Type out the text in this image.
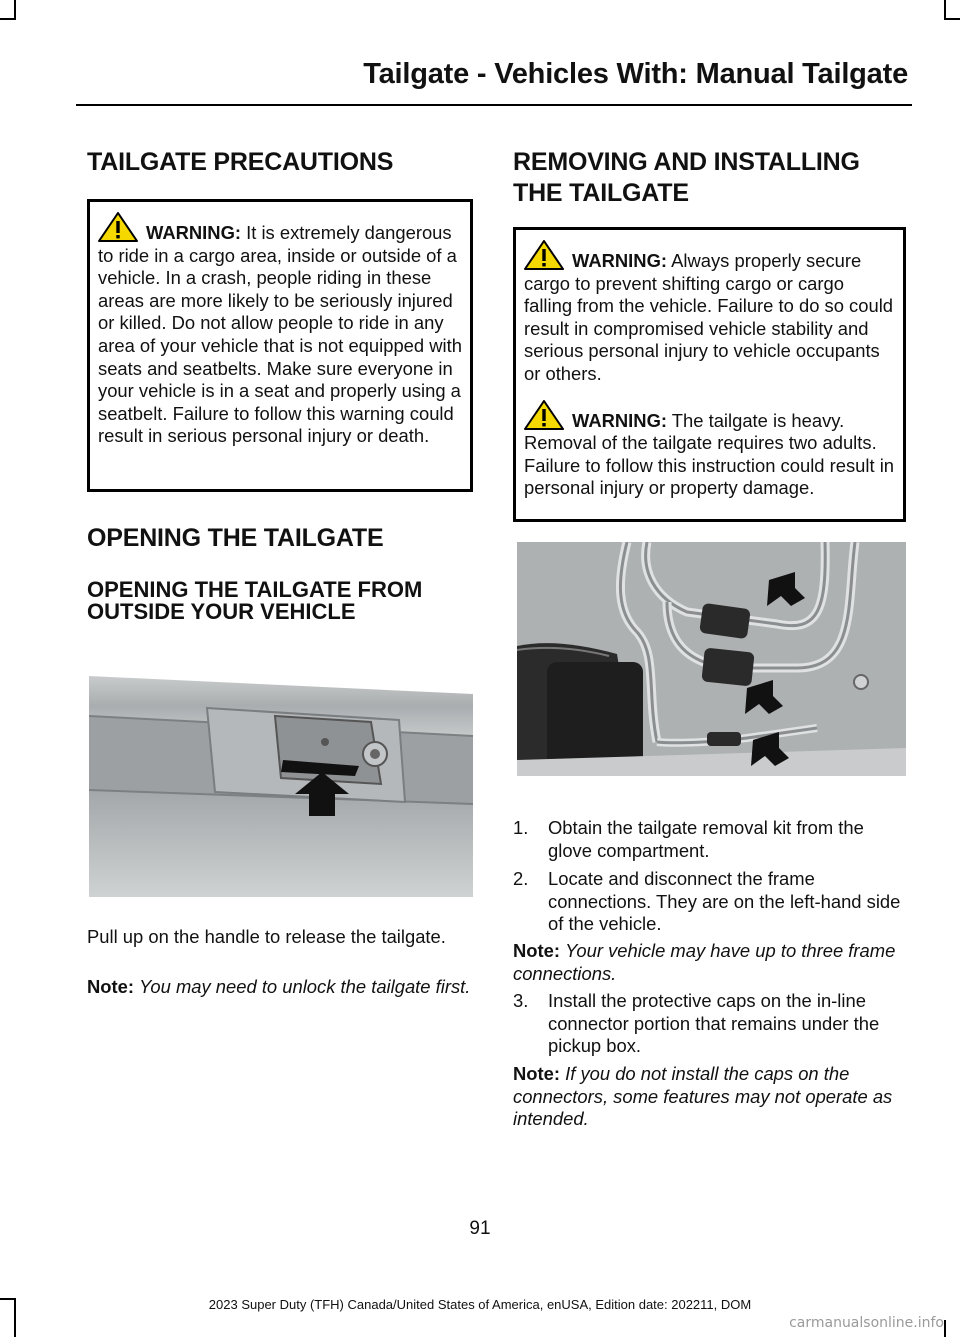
Tailgate - Vehicles With: Manual Tailgate
TAILGATE PRECAUTIONS

WARNING: It is extremely dangerous to ride in a cargo area, inside or outside of a vehicle. In a crash, people riding in these areas are more likely to be seriously injured or killed. Do not allow people to ride in any area of your vehicle that is not equipped with seats and seatbelts. Make sure everyone in your vehicle is in a seat and properly using a seatbelt. Failure to follow this warning could result in serious personal injury or death.

OPENING THE TAILGATE
OPENING THE TAILGATE FROM OUTSIDE YOUR VEHICLE

Pull up on the handle to release the tailgate.

Note: You may need to unlock the tailgate first.

REMOVING AND INSTALLING
THE TAILGATE

WARNING: Always properly secure cargo to prevent shifting cargo or cargo falling from the vehicle. Failure to do so could result in compromised vehicle stability and serious personal injury to vehicle occupants or others.

WARNING: The tailgate is heavy. Removal of the tailgate requires two adults. Failure to follow this instruction could result in personal injury or property damage.

1. Obtain the tailgate removal kit from the glove compartment.
2. Locate and disconnect the frame connections. They are on the left-hand side of the vehicle.

Note: Your vehicle may have up to three frame connections.

3. Install the protective caps on the in-line connector portion that remains under the pickup box.

Note: If you do not install the caps on the connectors, some features may not operate as intended.

91
2023 Super Duty (TFH) Canada/United States of America, enUSA, Edition date: 202211, DOM
carmanualsonline.info
